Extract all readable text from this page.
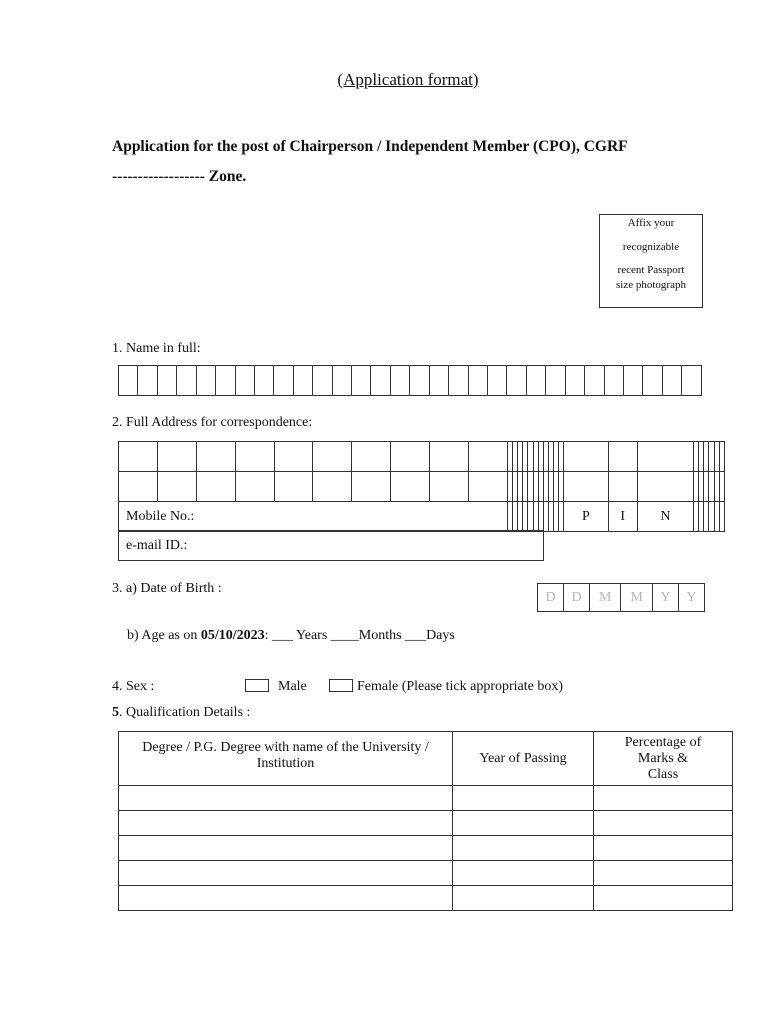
(Application format)
Application for the post of Chairperson / Independent Member (CPO), CGRF
------------------ Zone.
Affix your
recognizable
recent Passport
size photograph
1. Name in full:

2. Full Address for correspondence:

Mobile No.:																					P	I	N						
e-mail ID.:
3. a) Date of Birth :
D	D	M	M	Y	Y
b) Age as on 05/10/2023: ___ Years ____Months ___Days
4. Sex :	Male	Female (Please tick appropriate box)
5. Qualification Details :
Degree / P.G. Degree with name of the University / Institution	Year of Passing	Percentage of Marks & Class
